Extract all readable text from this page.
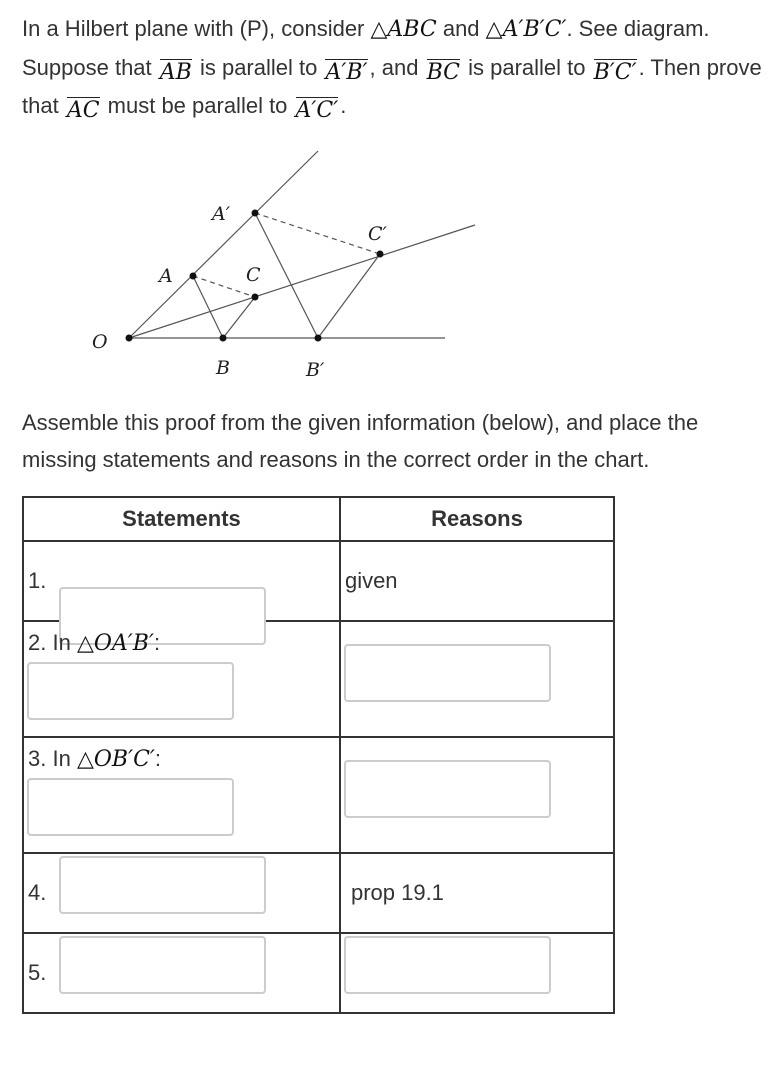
In a Hilbert plane with (P), consider △ABC and △A′B′C′. See diagram. Suppose that AB is parallel to A′B′, and BC is parallel to B′C′. Then prove that AC must be parallel to A′C′.
O
A
B
C
A′
B′
C′
Assemble this proof from the given information (below), and place the missing statements and reasons in the correct order in the chart.
Statements	Reasons

1.	given

2. In △OA′B′:	

3. In △OB′C′:	

4.	prop 19.1

5.	
